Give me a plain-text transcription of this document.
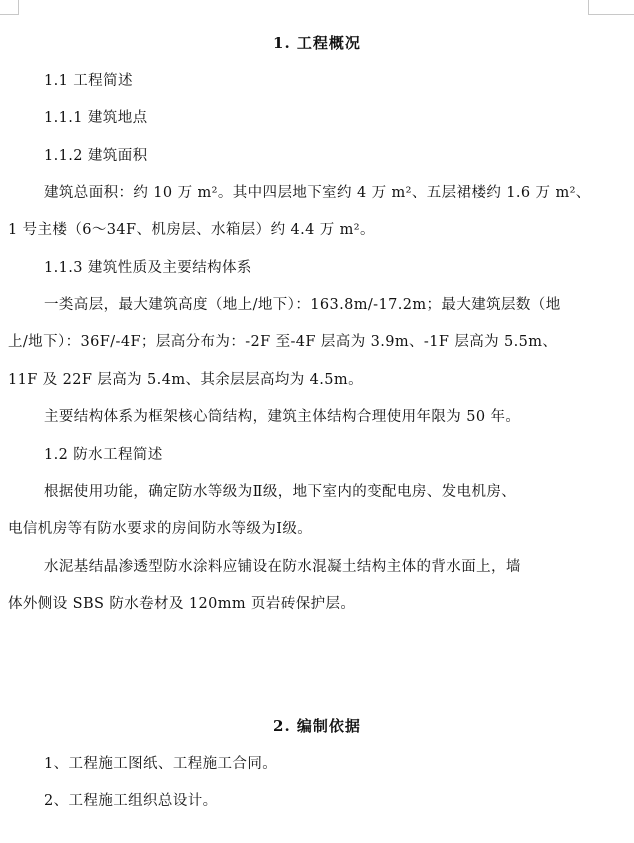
1. 工程概况
1.1 工程简述
1.1.1 建筑地点
1.1.2 建筑面积
建筑总面积：约 10 万 m²。其中四层地下室约 4 万 m²、五层裙楼约 1.6 万 m²、
1 号主楼（6～34F、机房层、水箱层）约 4.4 万 m²。
1.1.3 建筑性质及主要结构体系
一类高层，最大建筑高度（地上/地下）：163.8m/-17.2m；最大建筑层数（地
上/地下）：36F/-4F；层高分布为：-2F 至-4F 层高为 3.9m、-1F 层高为 5.5m、
11F 及 22F 层高为 5.4m、其余层层高均为 4.5m。
主要结构体系为框架核心筒结构，建筑主体结构合理使用年限为 50 年。
1.2 防水工程简述
根据使用功能，确定防水等级为Ⅱ级，地下室内的变配电房、发电机房、
电信机房等有防水要求的房间防水等级为Ⅰ级。
水泥基结晶渗透型防水涂料应铺设在防水混凝土结构主体的背水面上，墙
体外侧设 SBS 防水卷材及 120mm 页岩砖保护层。
2. 编制依据
1、工程施工图纸、工程施工合同。
2、工程施工组织总设计。
